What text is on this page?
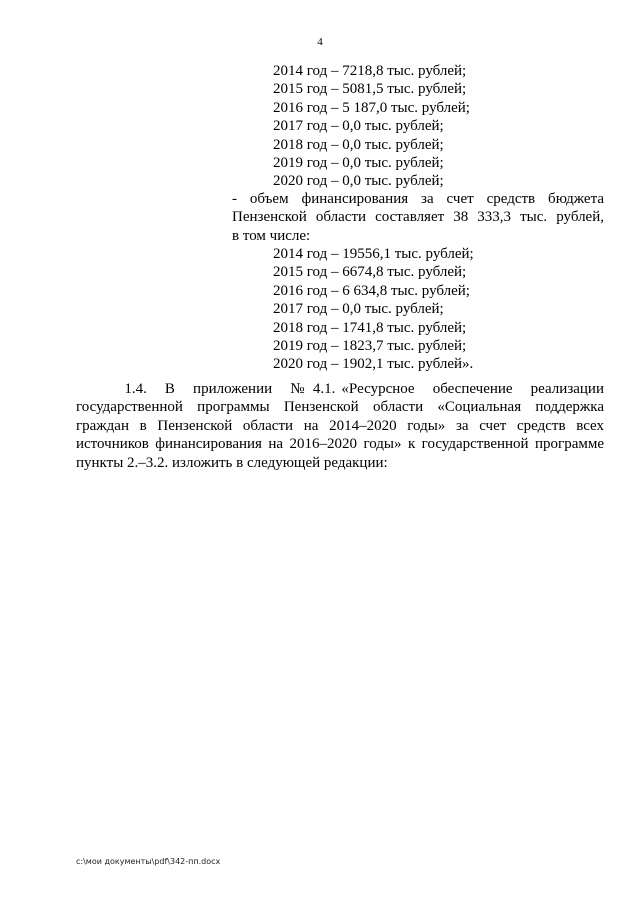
4
2014 год – 7218,8 тыс. рублей;
2015 год – 5081,5 тыс. рублей;
2016 год – 5 187,0 тыс. рублей;
2017 год – 0,0 тыс. рублей;
2018 год – 0,0 тыс. рублей;
2019 год – 0,0 тыс. рублей;
2020 год – 0,0 тыс. рублей;
- объем финансирования за счет средств бюджета
Пензенской области составляет 38 333,3 тыс. рублей,
в том числе:
2014 год – 19556,1 тыс. рублей;
2015 год – 6674,8 тыс. рублей;
2016 год – 6 634,8 тыс. рублей;
2017 год – 0,0 тыс. рублей;
2018 год – 1741,8 тыс. рублей;
2019 год – 1823,7 тыс. рублей;
2020 год – 1902,1 тыс. рублей».
1.4.   В   приложении   № 4.1. «Ресурсное   обеспечение   реализации
государственной программы Пензенской области «Социальная поддержка
граждан в Пензенской области на 2014–2020 годы» за счет средств всех
источников финансирования на 2016–2020 годы» к государственной программе
пункты 2.–3.2. изложить в следующей редакции:
c:\мои документы\pdf\342-пп.docx
